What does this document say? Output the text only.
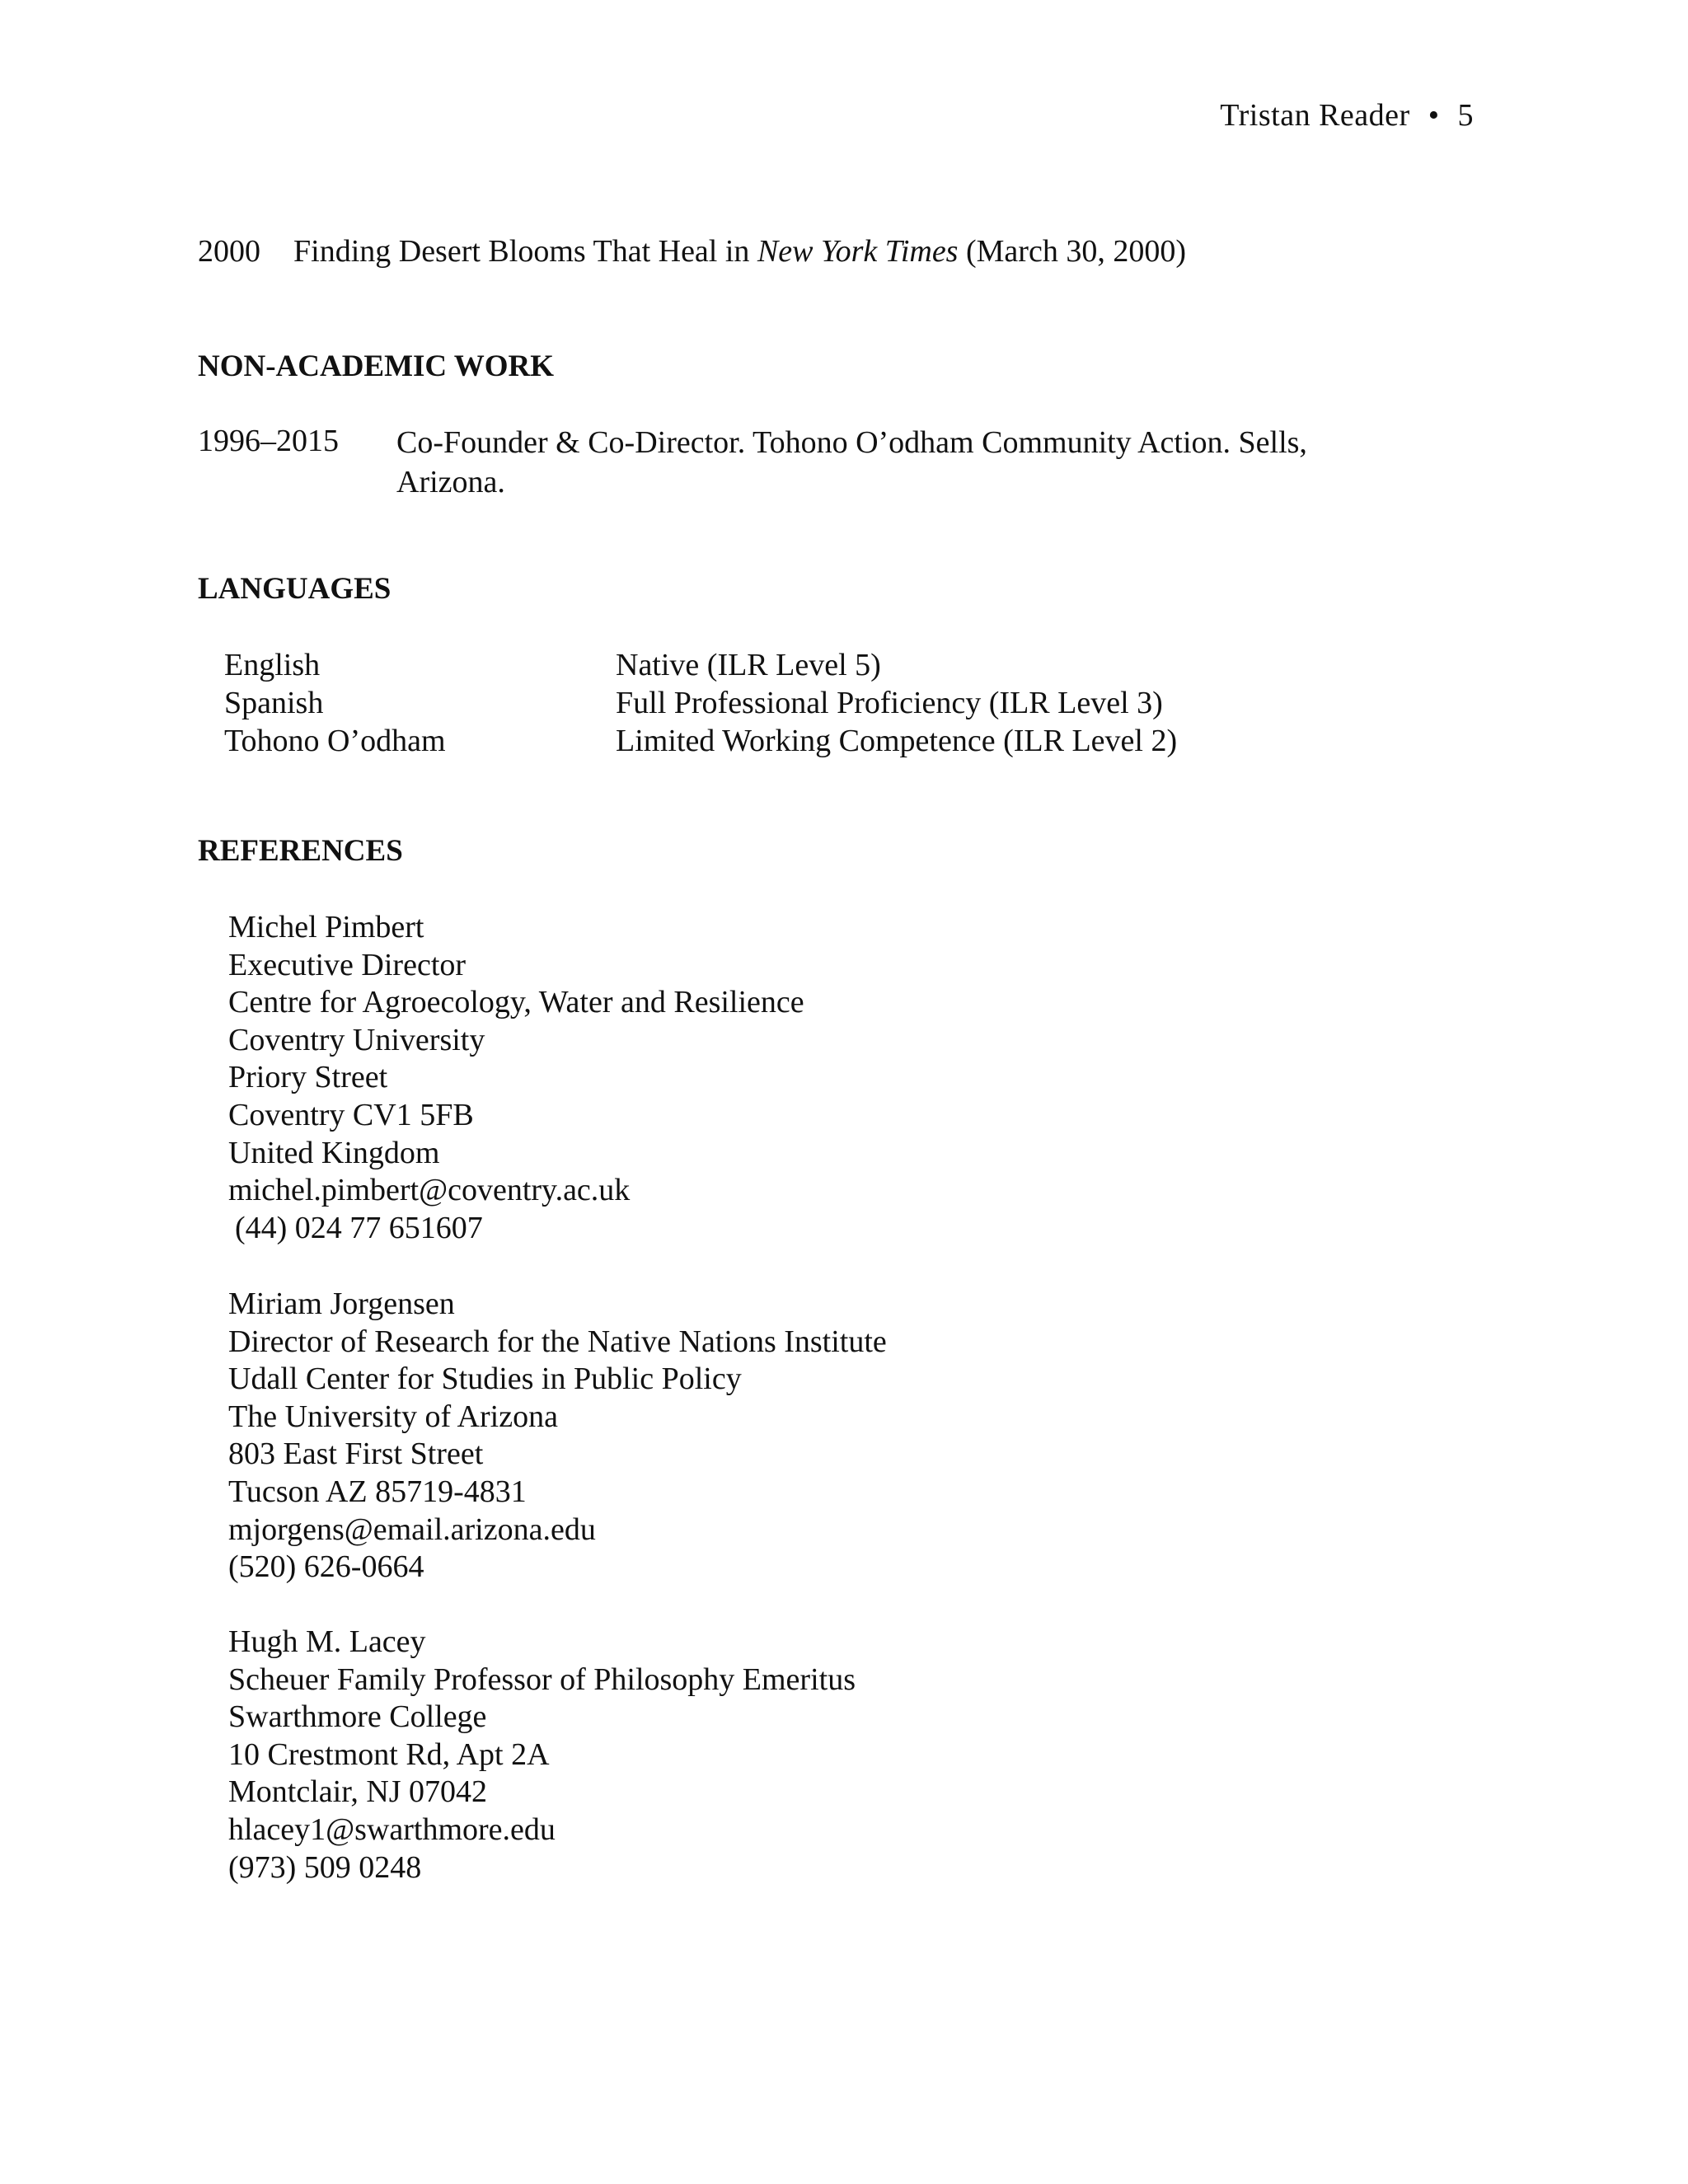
Tristan Reader • 5
2000 Finding Desert Blooms That Heal in New York Times (March 30, 2000)
NON-ACADEMIC WORK
1996–2015 Co-Founder & Co-Director. Tohono O’odham Community Action. Sells, Arizona.
LANGUAGES
English	Native (ILR Level 5)
Spanish	Full Professional Proficiency (ILR Level 3)
Tohono O’odham	Limited Working Competence (ILR Level 2)
REFERENCES
Michel Pimbert
Executive Director
Centre for Agroecology, Water and Resilience
Coventry University
Priory Street
Coventry CV1 5FB
United Kingdom
michel.pimbert@coventry.ac.uk
(44) 024 77 651607
Miriam Jorgensen
Director of Research for the Native Nations Institute
Udall Center for Studies in Public Policy
The University of Arizona
803 East First Street
Tucson AZ 85719-4831
mjorgens@email.arizona.edu
(520) 626-0664
Hugh M. Lacey
Scheuer Family Professor of Philosophy Emeritus
Swarthmore College
10 Crestmont Rd, Apt 2A
Montclair, NJ 07042
hlacey1@swarthmore.edu
(973) 509 0248
